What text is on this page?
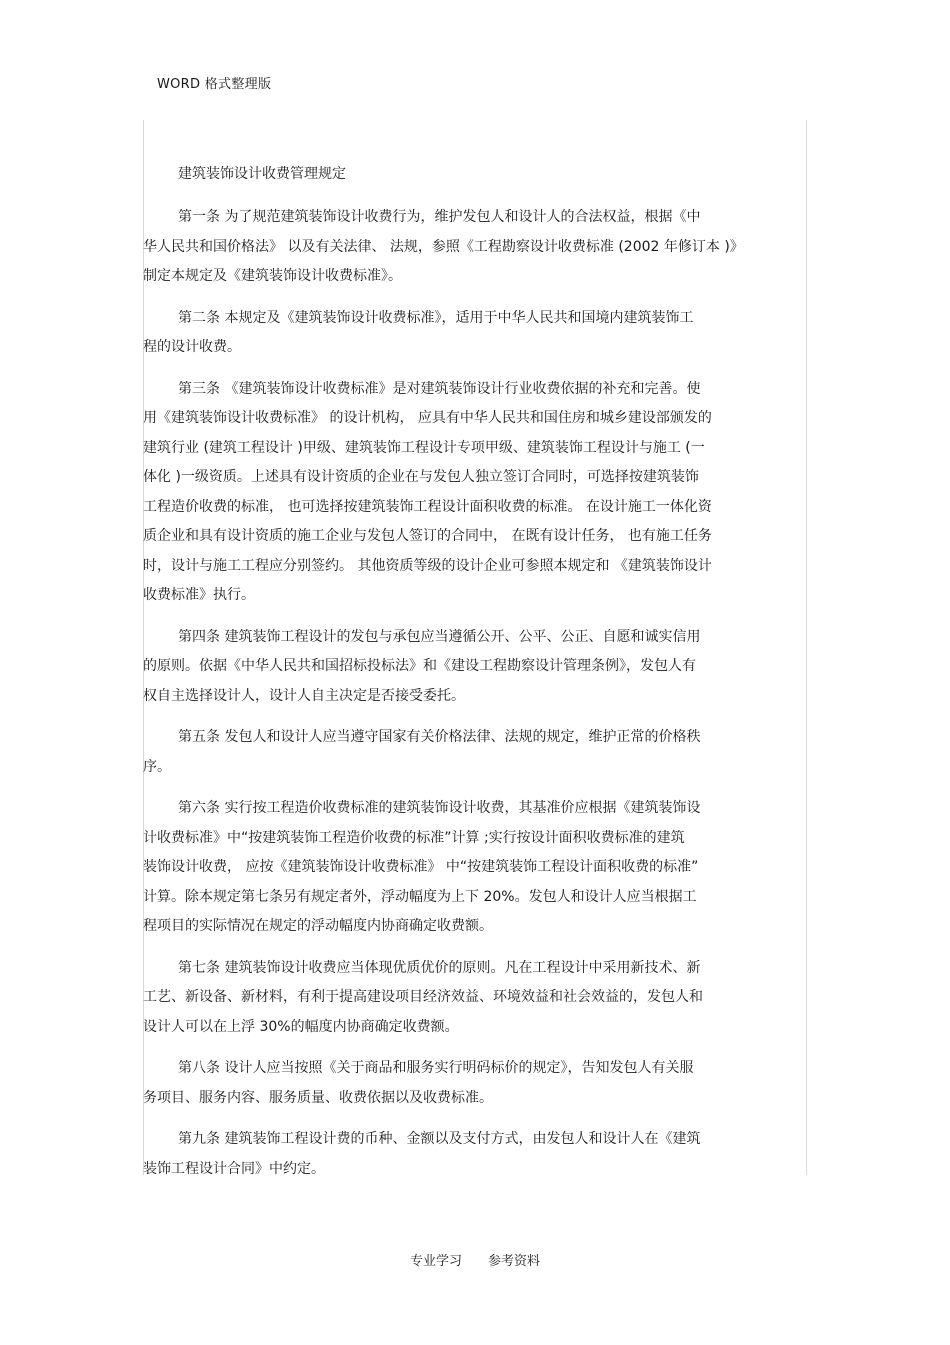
WORD 格式整理版
建筑装饰设计收费管理规定
第一条 为了规范建筑装饰设计收费行为，维护发包人和设计人的合法权益，根据《中
华人民共和国价格法》 以及有关法律、 法规，参照《工程勘察设计收费标准 (2002 年修订本 )》
制定本规定及《建筑装饰设计收费标准》。
第二条 本规定及《建筑装饰设计收费标准》，适用于中华人民共和国境内建筑装饰工
程的设计收费。
第三条 《建筑装饰设计收费标准》是对建筑装饰设计行业收费依据的补充和完善。使
用《建筑装饰设计收费标准》 的设计机构， 应具有中华人民共和国住房和城乡建设部颁发的
建筑行业 (建筑工程设计 )甲级、建筑装饰工程设计专项甲级、建筑装饰工程设计与施工 (一
体化 )一级资质。上述具有设计资质的企业在与发包人独立签订合同时，可选择按建筑装饰
工程造价收费的标准， 也可选择按建筑装饰工程设计面积收费的标准。 在设计施工一体化资
质企业和具有设计资质的施工企业与发包人签订的合同中， 在既有设计任务， 也有施工任务
时，设计与施工工程应分别签约。 其他资质等级的设计企业可参照本规定和 《建筑装饰设计
收费标准》执行。
第四条 建筑装饰工程设计的发包与承包应当遵循公开、公平、公正、自愿和诚实信用
的原则。依据《中华人民共和国招标投标法》和《建设工程勘察设计管理条例》，发包人有
权自主选择设计人，设计人自主决定是否接受委托。
第五条 发包人和设计人应当遵守国家有关价格法律、法规的规定，维护正常的价格秩
序。
第六条 实行按工程造价收费标准的建筑装饰设计收费，其基准价应根据《建筑装饰设
计收费标准》中“按建筑装饰工程造价收费的标准”计算 ;实行按设计面积收费标准的建筑
装饰设计收费， 应按《建筑装饰设计收费标准》 中“按建筑装饰工程设计面积收费的标准”
计算。除本规定第七条另有规定者外，浮动幅度为上下 20%。发包人和设计人应当根据工
程项目的实际情况在规定的浮动幅度内协商确定收费额。
第七条 建筑装饰设计收费应当体现优质优价的原则。凡在工程设计中采用新技术、新
工艺、新设备、新材料，有利于提高建设项目经济效益、环境效益和社会效益的，发包人和
设计人可以在上浮 30%的幅度内协商确定收费额。
第八条 设计人应当按照《关于商品和服务实行明码标价的规定》，告知发包人有关服
务项目、服务内容、服务质量、收费依据以及收费标准。
第九条 建筑装饰工程设计费的币种、金额以及支付方式，由发包人和设计人在《建筑
装饰工程设计合同》中约定。
专业学习 参考资料
